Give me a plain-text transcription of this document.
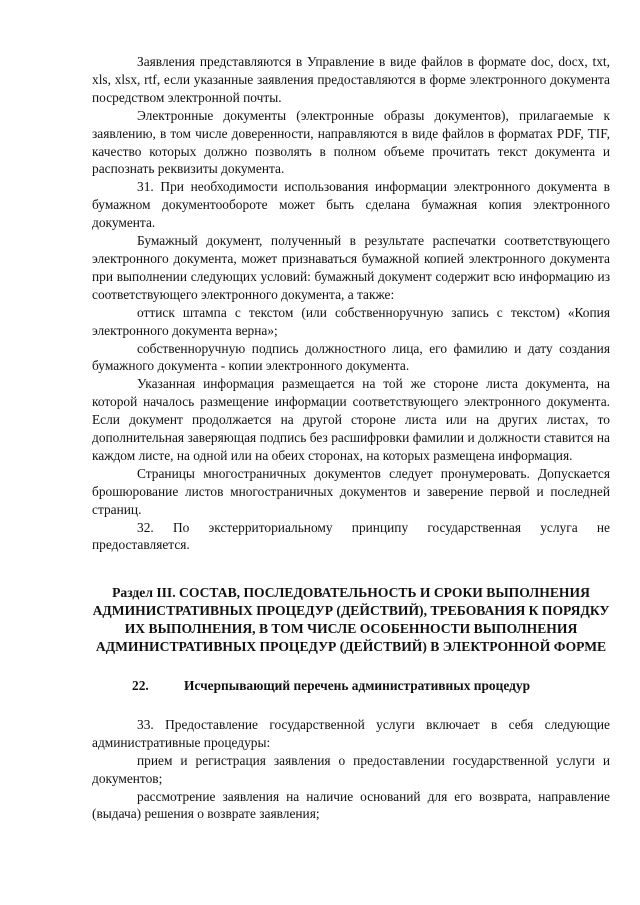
Заявления представляются в Управление в виде файлов в формате doc, docx, txt, xls, xlsx, rtf, если указанные заявления предоставляются в форме электронного документа посредством электронной почты.

Электронные документы (электронные образы документов), прилагаемые к заявлению, в том числе доверенности, направляются в виде файлов в форматах PDF, TIF, качество которых должно позволять в полном объеме прочитать текст документа и распознать реквизиты документа.

31. При необходимости использования информации электронного документа в бумажном документообороте может быть сделана бумажная копия электронного документа.

Бумажный документ, полученный в результате распечатки соответствующего электронного документа, может признаваться бумажной копией электронного документа при выполнении следующих условий: бумажный документ содержит всю информацию из соответствующего электронного документа, а также:

оттиск штампа с текстом (или собственноручную запись с текстом) «Копия электронного документа верна»;

собственноручную подпись должностного лица, его фамилию и дату создания бумажного документа - копии электронного документа.

Указанная информация размещается на той же стороне листа документа, на которой началось размещение информации соответствующего электронного документа. Если документ продолжается на другой стороне листа или на других листах, то дополнительная заверяющая подпись без расшифровки фамилии и должности ставится на каждом листе, на одной или на обеих сторонах, на которых размещена информация.

Страницы многостраничных документов следует пронумеровать. Допускается брошюрование листов многостраничных документов и заверение первой и последней страниц.

32. По экстерриториальному принципу государственная услуга не предоставляется.

Раздел III. СОСТАВ, ПОСЛЕДОВАТЕЛЬНОСТЬ И СРОКИ ВЫПОЛНЕНИЯ АДМИНИСТРАТИВНЫХ ПРОЦЕДУР (ДЕЙСТВИЙ), ТРЕБОВАНИЯ К ПОРЯДКУ ИХ ВЫПОЛНЕНИЯ, В ТОМ ЧИСЛЕ ОСОБЕННОСТИ ВЫПОЛНЕНИЯ АДМИНИСТРАТИВНЫХ ПРОЦЕДУР (ДЕЙСТВИЙ) В ЭЛЕКТРОННОЙ ФОРМЕ
22.	Исчерпывающий перечень административных процедур

33. Предоставление государственной услуги включает в себя следующие административные процедуры:

прием и регистрация заявления о предоставлении государственной услуги и документов;

рассмотрение заявления на наличие оснований для его возврата, направление (выдача) решения о возврате заявления;
